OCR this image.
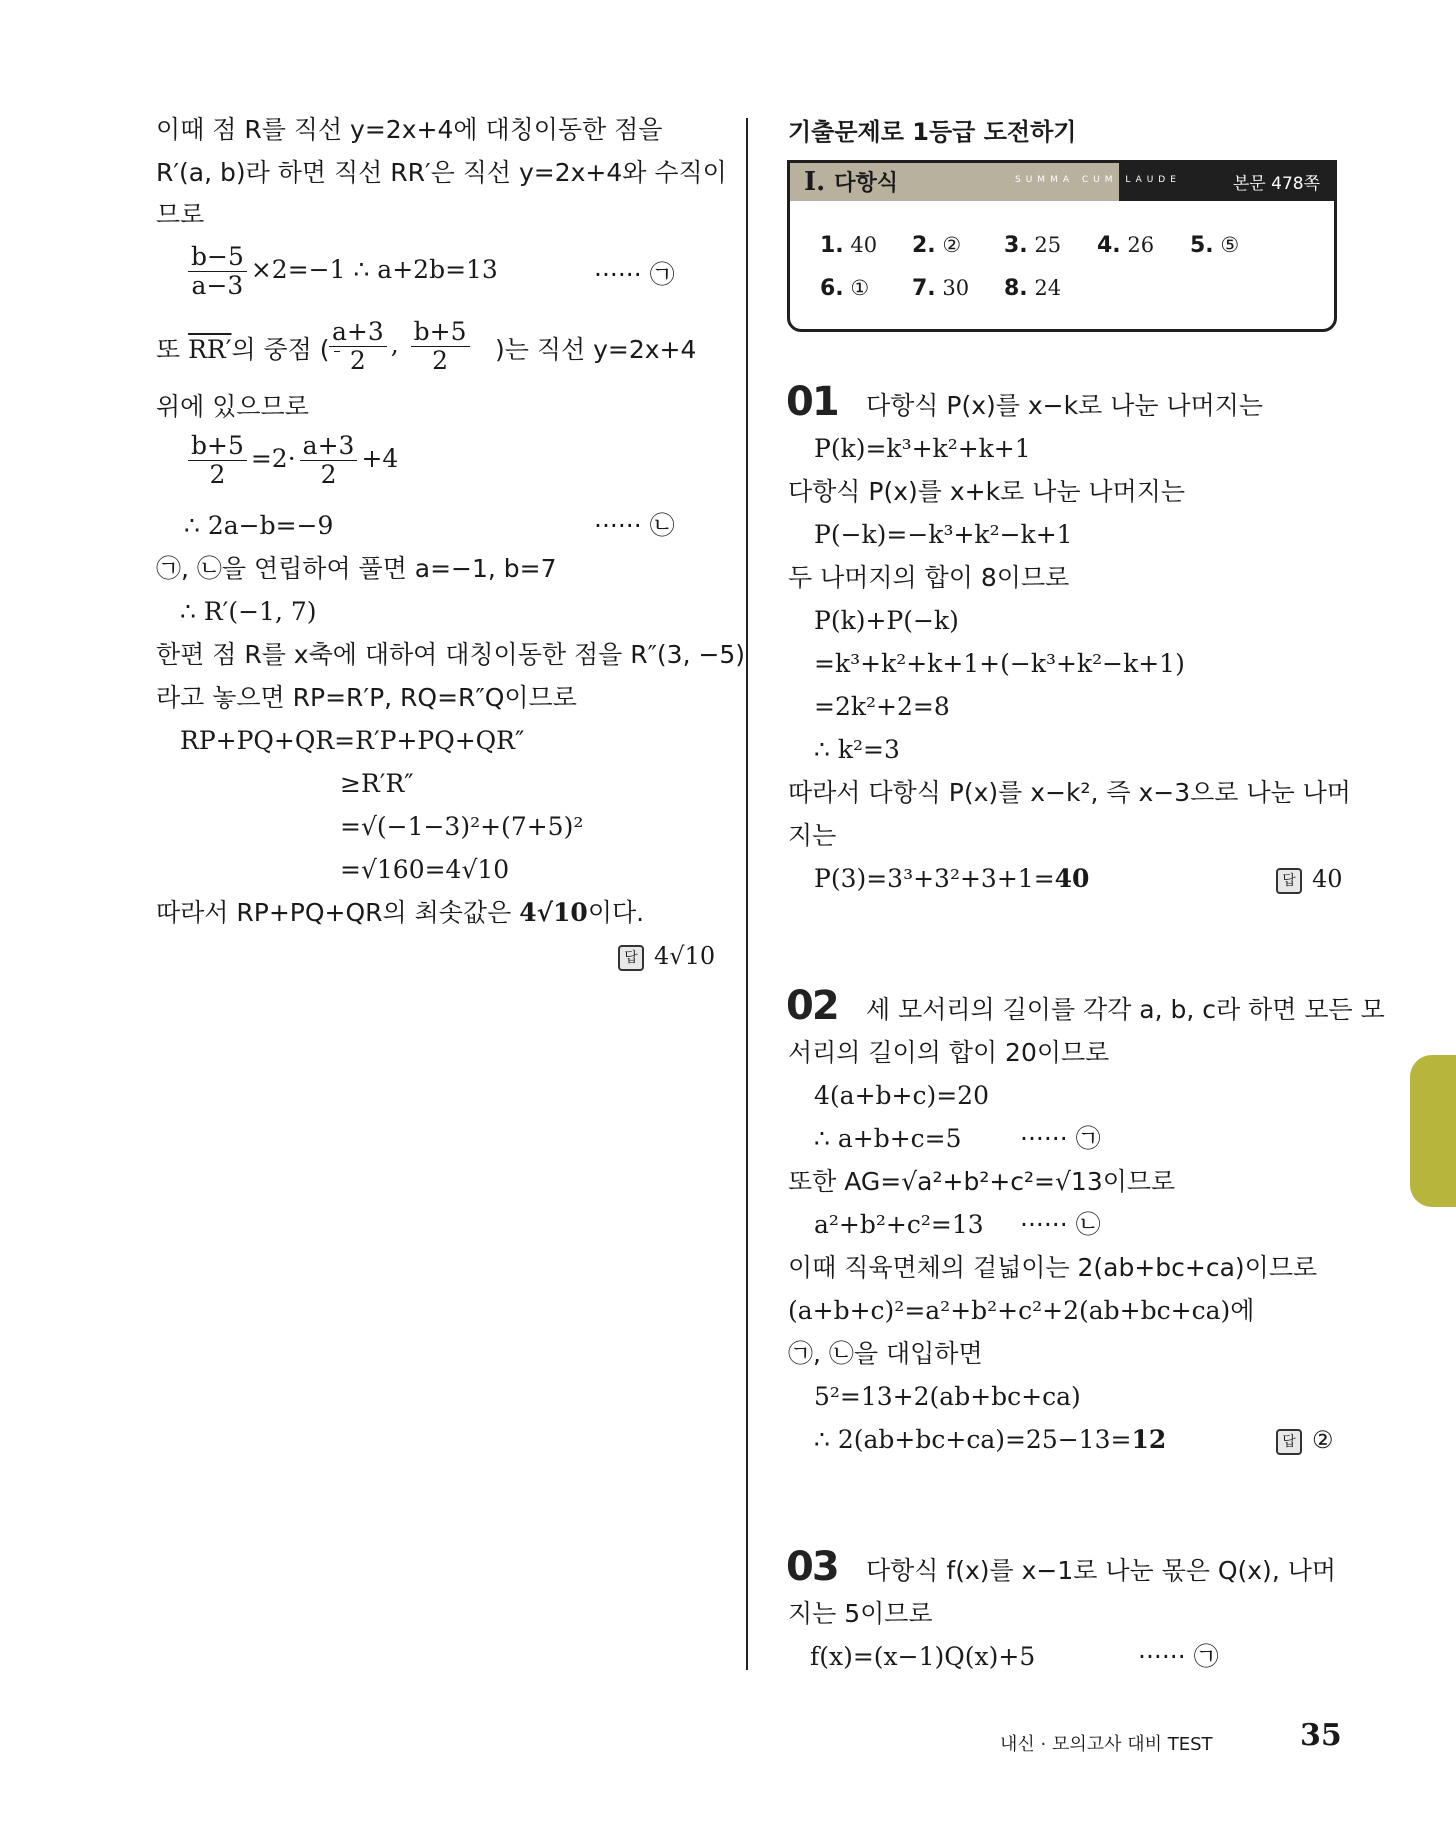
이때 점 R를 직선 y=2x+4에 대칭이동한 점을
R′(a, b)라 하면 직선 RR′은 직선 y=2x+4와 수직이
므로
$\frac{b-5}{a-3} \times 2=-1$ ∴ a+2b=13	······ ㉠
또 RR′의 중점 ( $\frac{a+3}{2}$ , $\frac{b+5}{2}$ )는 직선 y=2x+4
위에 있으므로
$\frac{b+5}{2} =2\cdot \frac{a+3}{2} +4$
∴ 2a−b=−9	······ ㉡
㉠, ㉡을 연립하여 풀면 a=−1, b=7
∴ R′(−1, 7)
한편 점 R를 x축에 대하여 대칭이동한 점을 R″(3, −5)
라고 놓으면 RP=R′P, RQ=R″Q이므로
RP+PQ+QR=R′P+PQ+QR″
≥R′R″
=√(−1−3)²+(7+5)²
=√160=4√10
따라서 RP+PQ+QR의 최솟값은 4√10이다.
답 4√10
기출문제로 1등급 도전하기
I. 다항식	SUMMA CUM LAUDE	본문 478쪽
1. 40 2. ② 3. 25 4. 26 5. ⑤
6. ① 7. 30 8. 24
01 다항식 P(x)를 x−k로 나눈 나머지는
P(k)=k³+k²+k+1
다항식 P(x)를 x+k로 나눈 나머지는
P(−k)=−k³+k²−k+1
두 나머지의 합이 8이므로
P(k)+P(−k)
=k³+k²+k+1+(−k³+k²−k+1)
=2k²+2=8
∴ k²=3
따라서 다항식 P(x)를 x−k², 즉 x−3으로 나눈 나머
지는
P(3)=3³+3²+3+1=40	답 40
02 세 모서리의 길이를 각각 a, b, c라 하면 모든 모
서리의 길이의 합이 20이므로
4(a+b+c)=20
∴ a+b+c=5 ······ ㉠
또한 AG=√a²+b²+c²=√13이므로
a²+b²+c²=13 ······ ㉡
이때 직육면체의 겉넓이는 2(ab+bc+ca)이므로
(a+b+c)²=a²+b²+c²+2(ab+bc+ca)에
㉠, ㉡을 대입하면
5²=13+2(ab+bc+ca)
∴ 2(ab+bc+ca)=25−13=12	답 ②
03 다항식 f(x)를 x−1로 나눈 몫은 Q(x), 나머
지는 5이므로
f(x)=(x−1)Q(x)+5	······ ㉠
내신 · 모의고사 대비 TEST	35
